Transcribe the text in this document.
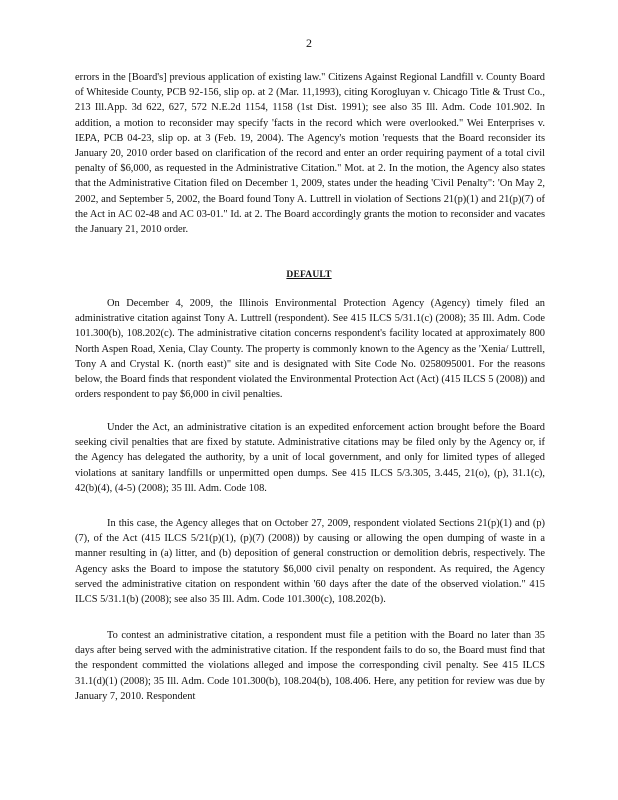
2

errors in the [Board's] previous application of existing law." Citizens Against Regional Landfill v. County Board of Whiteside County, PCB 92-156, slip op. at 2 (Mar. 11,1993), citing Korogluyan v. Chicago Title & Trust Co., 213 Ill.App. 3d 622, 627, 572 N.E.2d 1154, 1158 (1st Dist. 1991); see also 35 Ill. Adm. Code 101.902. In addition, a motion to reconsider may specify 'facts in the record which were overlooked." Wei Enterprises v. IEPA, PCB 04-23, slip op. at 3 (Feb. 19, 2004). The Agency's motion 'requests that the Board reconsider its January 20, 2010 order based on clarification of the record and enter an order requiring payment of a total civil penalty of $6,000, as requested in the Administrative Citation." Mot. at 2. In the motion, the Agency also states that the Administrative Citation filed on December 1, 2009, states under the heading 'Civil Penalty": 'On May 2, 2002, and September 5, 2002, the Board found Tony A. Luttrell in violation of Sections 21(p)(1) and 21(p)(7) of the Act in AC 02-48 and AC 03-01." Id. at 2. The Board accordingly grants the motion to reconsider and vacates the January 21, 2010 order.

DEFAULT

On December 4, 2009, the Illinois Environmental Protection Agency (Agency) timely filed an administrative citation against Tony A. Luttrell (respondent). See 415 ILCS 5/31.1(c) (2008); 35 Ill. Adm. Code 101.300(b), 108.202(c). The administrative citation concerns respondent's facility located at approximately 800 North Aspen Road, Xenia, Clay County. The property is commonly known to the Agency as the 'Xenia/ Luttrell, Tony A and Crystal K. (north east)" site and is designated with Site Code No. 0258095001. For the reasons below, the Board finds that respondent violated the Environmental Protection Act (Act) (415 ILCS 5 (2008)) and orders respondent to pay $6,000 in civil penalties.

Under the Act, an administrative citation is an expedited enforcement action brought before the Board seeking civil penalties that are fixed by statute. Administrative citations may be filed only by the Agency or, if the Agency has delegated the authority, by a unit of local government, and only for limited types of alleged violations at sanitary landfills or unpermitted open dumps. See 415 ILCS 5/3.305, 3.445, 21(o), (p), 31.1(c), 42(b)(4), (4-5) (2008); 35 Ill. Adm. Code 108.

In this case, the Agency alleges that on October 27, 2009, respondent violated Sections 21(p)(1) and (p)(7), of the Act (415 ILCS 5/21(p)(1), (p)(7) (2008)) by causing or allowing the open dumping of waste in a manner resulting in (a) litter, and (b) deposition of general construction or demolition debris, respectively. The Agency asks the Board to impose the statutory $6,000 civil penalty on respondent. As required, the Agency served the administrative citation on respondent within '60 days after the date of the observed violation." 415 ILCS 5/31.1(b) (2008); see also 35 Ill. Adm. Code 101.300(c), 108.202(b).

To contest an administrative citation, a respondent must file a petition with the Board no later than 35 days after being served with the administrative citation. If the respondent fails to do so, the Board must find that the respondent committed the violations alleged and impose the corresponding civil penalty. See 415 ILCS 31.1(d)(1) (2008); 35 Ill. Adm. Code 101.300(b), 108.204(b), 108.406. Here, any petition for review was due by January 7, 2010. Respondent
